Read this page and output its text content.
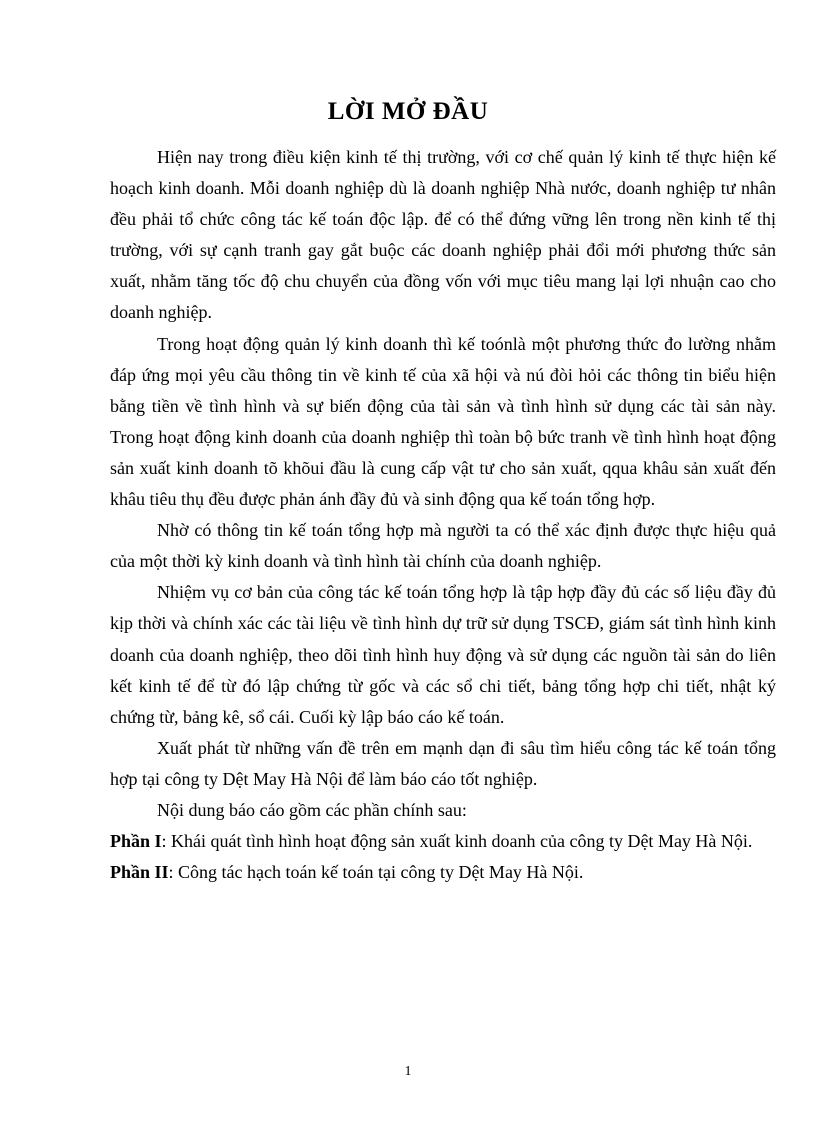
LỜI MỞ ĐẦU

Hiện nay trong điều kiện kinh tế thị trường, với cơ chế quản lý kinh tế thực hiện kế hoạch kinh doanh. Mỗi doanh nghiệp dù là doanh nghiệp Nhà nước, doanh nghiệp tư nhân đều phải tổ chức công tác kế toán độc lập. để có thể đứng vững lên trong nền kinh tế thị trường, với sự cạnh tranh gay gắt buộc các doanh nghiệp phải đổi mới phương thức sản xuất, nhằm tăng tốc độ chu chuyển của đồng vốn với mục tiêu mang lại lợi nhuận cao cho doanh nghiệp.

Trong hoạt động quản lý kinh doanh thì kế toónlà một phương thức đo lường nhằm đáp ứng mọi yêu cầu thông tin về kinh tế của xã hội và nú đòi hỏi các thông tin biểu hiện bằng tiền về tình hình và sự biến động của tài sản và tình hình sử dụng các tài sản này. Trong hoạt động kinh doanh của doanh nghiệp thì toàn bộ bức tranh về tình hình hoạt động sản xuất kinh doanh tõ khõui đầu là cung cấp vật tư cho sản xuất, qqua khâu sản xuất đến khâu tiêu thụ đều được phản ánh đầy đủ và sinh động qua kế toán tổng hợp.

Nhờ có thông tin kế toán tổng hợp mà người ta có thể xác định được thực hiệu quả của một thời kỳ kinh doanh và tình hình tài chính của doanh nghiệp.

Nhiệm vụ cơ bản của công tác kế toán tổng hợp là tập hợp đầy đủ các số liệu đầy đủ kịp thời và chính xác các tài liệu về tình hình dự trữ sử dụng TSCĐ, giám sát tình hình kinh doanh của doanh nghiệp, theo dõi tình hình huy động và sử dụng các nguồn tài sản do liên kết kinh tế để từ đó lập chứng từ gốc và các sổ chi tiết, bảng tổng hợp chi tiết, nhật ký chứng từ, bảng kê, sổ cái. Cuối kỳ lập báo cáo kế toán.

Xuất phát từ những vấn đề trên em mạnh dạn đi sâu tìm hiểu công tác kế toán tổng hợp tại công ty Dệt May Hà Nội để làm báo cáo tốt nghiệp.

Nội dung báo cáo gồm các phần chính sau:

Phần I: Khái quát tình hình hoạt động sản xuất kinh doanh của công ty Dệt May Hà Nội.

Phần II: Công tác hạch toán kế toán tại công ty Dệt May Hà Nội.

1
